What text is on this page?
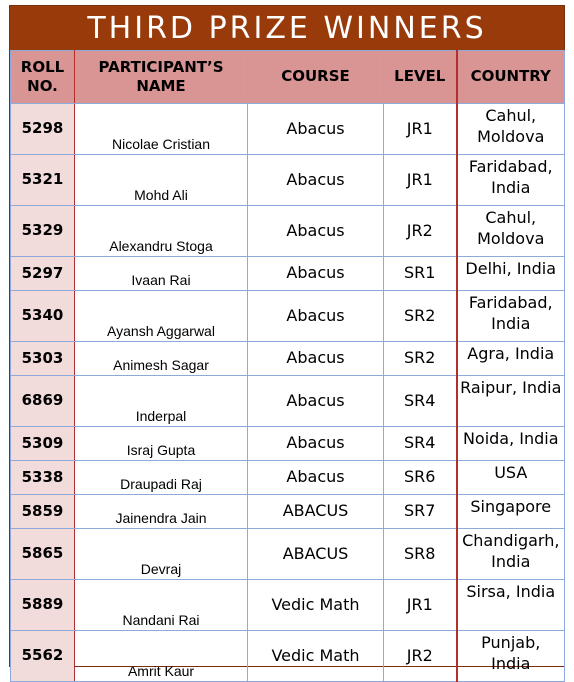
THIRD PRIZE WINNERS
ROLL NO.	PARTICIPANT’S NAME	COURSE	LEVEL	COUNTRY
5298	Nicolae Cristian	Abacus	JR1	Cahul, Moldova
5321	Mohd Ali	Abacus	JR1	Faridabad, India
5329	Alexandru Stoga	Abacus	JR2	Cahul, Moldova
5297	Ivaan Rai	Abacus	SR1	Delhi, India
5340	Ayansh Aggarwal	Abacus	SR2	Faridabad, India
5303	Animesh Sagar	Abacus	SR2	Agra, India
6869	Inderpal	Abacus	SR4	Raipur, India
5309	Israj Gupta	Abacus	SR4	Noida, India
5338	Draupadi Raj	Abacus	SR6	USA
5859	Jainendra Jain	ABACUS	SR7	Singapore
5865	Devraj	ABACUS	SR8	Chandigarh, India
5889	Nandani Rai	Vedic Math	JR1	Sirsa, India
5562	Amrit Kaur	Vedic Math	JR2	Punjab, India
